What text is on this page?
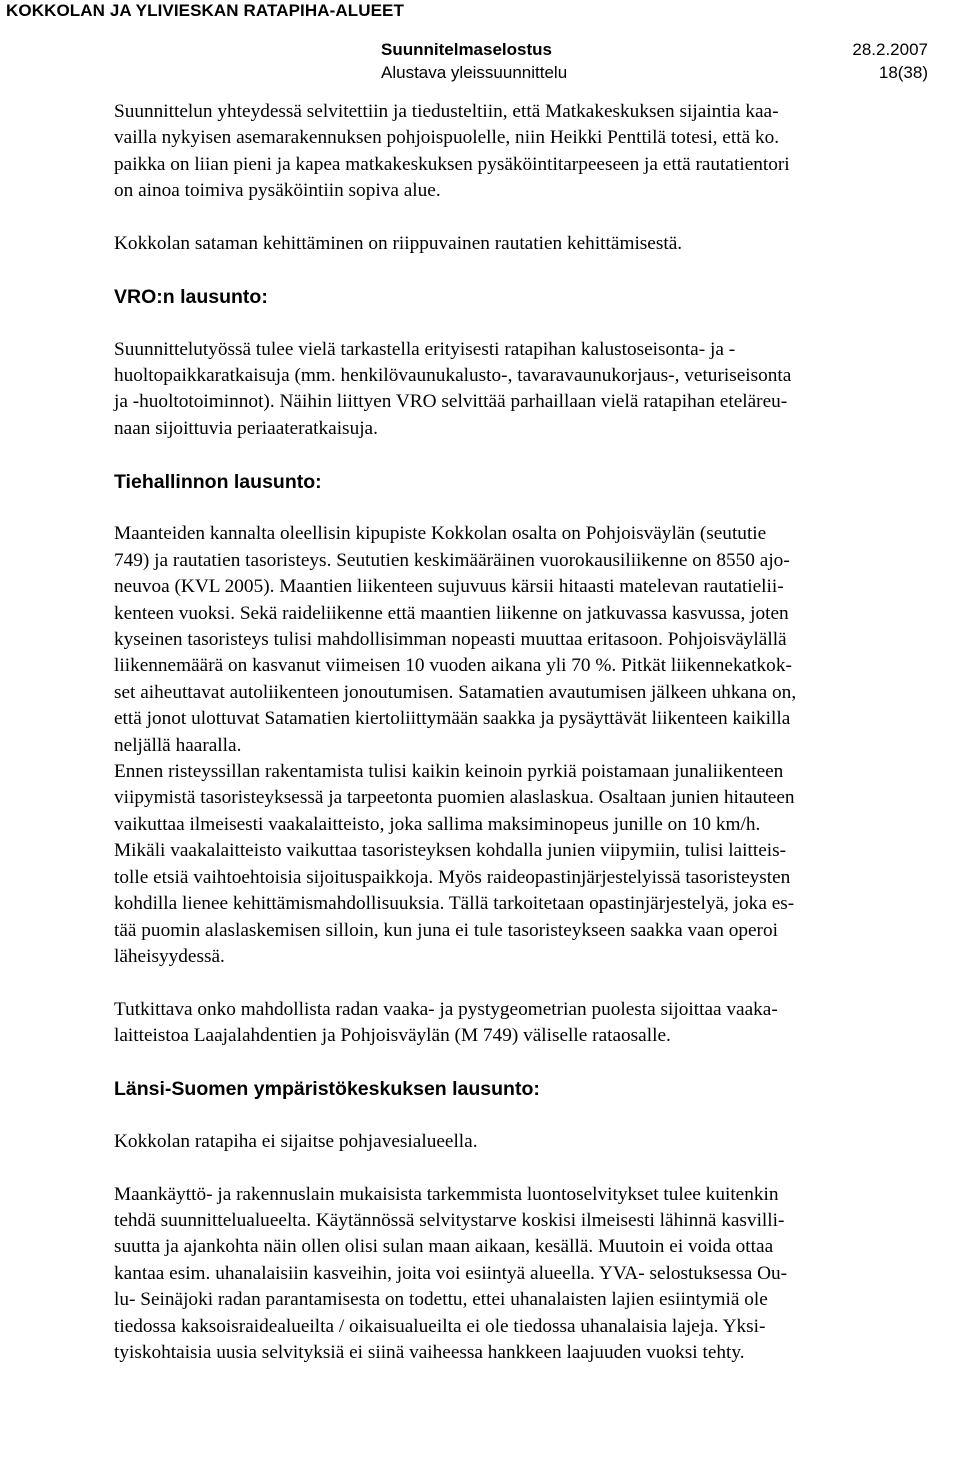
KOKKOLAN JA YLIVIESKAN RATAPIHA-ALUEET
Suunnitelmaselostus	28.2.2007
Alustava yleissuunnittelu	18(38)

Suunnittelun yhteydessä selvitettiin ja tiedusteltiin, että Matkakeskuksen sijaintia kaa-

vailla nykyisen asemarakennuksen pohjoispuolelle, niin Heikki Penttilä totesi, että ko.

paikka on liian pieni ja kapea matkakeskuksen pysäköintitarpeeseen ja että rautatientori

on ainoa toimiva pysäköintiin sopiva alue.

Kokkolan sataman kehittäminen on riippuvainen rautatien kehittämisestä.

VRO:n lausunto:

Suunnittelutyössä tulee vielä tarkastella erityisesti ratapihan kalustoseisonta- ja -

huoltopaikkaratkaisuja (mm. henkilövaunukalusto-, tavaravaunukorjaus-, veturiseisonta

ja -huoltotoiminnot). Näihin liittyen VRO selvittää parhaillaan vielä ratapihan eteläreu-

naan sijoittuvia periaateratkaisuja.

Tiehallinnon lausunto:

Maanteiden kannalta oleellisin kipupiste Kokkolan osalta on Pohjoisväylän (seututie

749) ja rautatien tasoristeys. Seututien keskimääräinen vuorokausiliikenne on 8550 ajo-

neuvoa (KVL 2005). Maantien liikenteen sujuvuus kärsii hitaasti matelevan rautatielii-

kenteen vuoksi. Sekä raideliikenne että maantien liikenne on jatkuvassa kasvussa, joten

kyseinen tasoristeys tulisi mahdollisimman nopeasti muuttaa eritasoon. Pohjoisväylällä

liikennemäärä on kasvanut viimeisen 10 vuoden aikana yli 70 %. Pitkät liikennekatkok-

set aiheuttavat autoliikenteen jonoutumisen. Satamatien avautumisen jälkeen uhkana on,

että jonot ulottuvat Satamatien kiertoliittymään saakka ja pysäyttävät liikenteen kaikilla

neljällä haaralla.

Ennen risteyssillan rakentamista tulisi kaikin keinoin pyrkiä poistamaan junaliikenteen

viipymistä tasoristeyksessä ja tarpeetonta puomien alaslaskua. Osaltaan junien hitauteen

vaikuttaa ilmeisesti vaakalaitteisto, joka sallima maksiminopeus junille on 10 km/h.

Mikäli vaakalaitteisto vaikuttaa tasoristeyksen kohdalla junien viipymiin, tulisi laitteis-

tolle etsiä vaihtoehtoisia sijoituspaikkoja. Myös raideopastinjärjestelyissä tasoristeysten

kohdilla lienee kehittämismahdollisuuksia. Tällä tarkoitetaan opastinjärjestelyä, joka es-

tää puomin alaslaskemisen silloin, kun juna ei tule tasoristeykseen saakka vaan operoi

läheisyydessä.

Tutkittava onko mahdollista radan vaaka- ja pystygeometrian puolesta sijoittaa vaaka-

laitteistoa Laajalahdentien ja Pohjoisväylän (M 749) väliselle rataosalle.

Länsi-Suomen ympäristökeskuksen lausunto:

Kokkolan ratapiha ei sijaitse pohjavesialueella.

Maankäyttö- ja rakennuslain mukaisista tarkemmista luontoselvitykset tulee kuitenkin

tehdä suunnittelualueelta. Käytännössä selvitystarve koskisi ilmeisesti lähinnä kasvilli-

suutta ja ajankohta näin ollen olisi sulan maan aikaan, kesällä. Muutoin ei voida ottaa

kantaa esim. uhanalaisiin kasveihin, joita voi esiintyä alueella. YVA- selostuksessa Ou-

lu- Seinäjoki radan parantamisesta on todettu, ettei uhanalaisten lajien esiintymiä ole

tiedossa kaksoisraidealueilta / oikaisualueilta ei ole tiedossa uhanalaisia lajeja. Yksi-

tyiskohtaisia uusia selvityksiä ei siinä vaiheessa hankkeen laajuuden vuoksi tehty.
